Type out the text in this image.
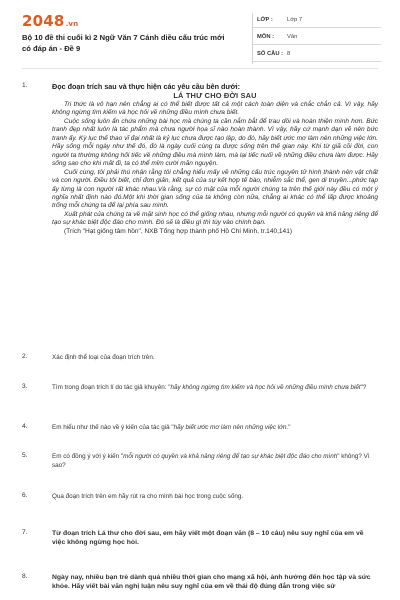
2048.vn
Bộ 10 đề thi cuối kì 2 Ngữ Văn 7 Cánh diều cấu trúc mới có đáp án - Đề 9
LỚP :	Lớp 7
MÔN :	Văn
SỐ CÂU : 8
1.	Đọc đoạn trích sau và thực hiện các yêu cầu bên dưới:
LÁ THƯ CHO ĐỜI SAU

Tri thức là vô hạn nên chẳng ai có thể biết được tất cả một cách toàn diện và chắc chắn cả. Vì vậy, hãy không ngừng tìm kiếm và học hỏi về những điều mình chưa biết.

Cuộc sống luôn ẩn chứa những bài học mà chúng ta cần nắm bắt để trau dồi và hoàn thiện mình hơn. Bức tranh đẹp nhất luôn là tác phẩm mà chưa người họa sĩ nào hoàn thành. Vì vậy, hãy cứ mạnh dạn vẽ nên bức tranh ấy. Kỳ lục thế thao vĩ đại nhất là kỷ lục chưa được tạo lập, do đó, hãy biết ước mơ làm nên những việc lớn. Hãy sống mỗi ngày như thế đó, đó là ngày cuối cùng ta được sống trên thế gian này. Khi từ giã cõi đời, con người ta thường không hối tiếc về những điều mà mình làm, mà lại tiếc nuối về những điều chưa làm được. Hãy sống sao cho khi mất đi, ta có thể mỉm cười mãn nguyện.

Cuối cùng, tôi phải thú nhận rằng tôi chẳng hiểu mấy về những cấu trúc nguyên tử hình thành nên vật chất và con người. Điều tôi biết, chỉ đơn giản, kết quả của sự kết hợp tế bào, nhiễm sắc thể, gen di truyền...phức tạp ấy từng là con người rất khác nhau.Và rằng, sự có mặt của mỗi người chúng ta trên thế giới này đều có một ý nghĩa nhất định nào đó.Một khi thời gian sống của ta không còn nữa, chẳng ai khác có thể lấp được khoảng trống mỗi chúng ta để lại phía sau mình.

Xuất phát của chúng ta về mặt sinh học có thể giống nhau, nhưng mỗi người có quyền và khả năng riêng để tạo sự khác biệt độc đáo cho mình. Đó sẽ là điều gì thì tùy vào chính bạn.

(Trích "Hạt giống tâm hồn", NXB Tổng hợp thành phố Hồ Chí Minh, tr.140,141)

2.	Xác định thể loại của đoạn trích trên.
3.	Tìm trong đoạn trích lí do tác giả khuyên: "hãy không ngừng tìm kiếm và học hỏi về những điều mình chưa biết"?
4.	Em hiểu như thế nào về ý kiến của tác giả "hãy biết ước mơ làm nên những việc lớn."
5.	Em có đồng ý với ý kiến "mỗi người có quyền và khả năng riêng để tạo sự khác biệt độc đáo cho mình" không? Vì sao?
6.	Qua đoạn trích trên em hãy rút ra cho mình bài học trong cuộc sống.
7.	Từ đoạn trích Lá thư cho đời sau, em hãy viết một đoạn văn (8 – 10 câu) nêu suy nghĩ của em về việc không ngừng học hỏi.
8.	Ngày nay, nhiều bạn trẻ dành quá nhiều thời gian cho mạng xã hội, ảnh hưởng đến học tập và sức khỏe. Hãy viết bài văn nghị luận nêu suy nghĩ của em về thái độ đúng đắn trong việc sử
